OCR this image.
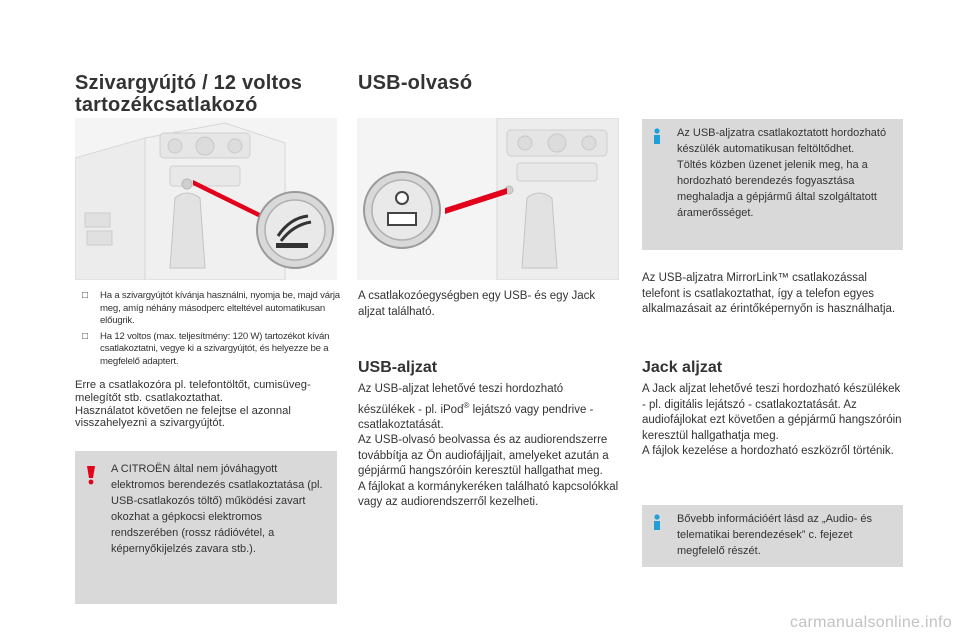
Szivargyújtó / 12 voltos
tartozékcsatlakozó
□ Ha a szivargyújtót kívánja használni, nyomja be, majd várja meg, amíg néhány másodperc elteltével automatikusan előugrik.
□ Ha 12 voltos (max. teljesítmény: 120 W) tartozékot kíván csatlakoztatni, vegye ki a szivargyújtót, és helyezze be a megfelelő adaptert.
Erre a csatlakozóra pl. telefontöltőt, cumisüveg-melegítőt stb. csatlakoztathat.
Használatot követően ne felejtse el azonnal visszahelyezni a szivargyújtót.
A CITROËN által nem jóváhagyott elektromos berendezés csatlakoztatása (pl. USB-csatlakozós töltő) működési zavart okozhat a gépkocsi elektromos rendszerében (rossz rádióvétel, a képernyőkijelzés zavara stb.).
USB-olvasó
A csatlakozóegységben egy USB- és egy Jack aljzat található.
USB-aljzat
Az USB-aljzat lehetővé teszi hordozható készülékek - pl. iPod® lejátszó vagy pendrive - csatlakoztatását.
Az USB-olvasó beolvassa és az audiorendszerre továbbítja az Ön audiofájljait, amelyeket azután a gépjármű hangszóróin keresztül hallgathat meg.
A fájlokat a kormánykeréken található kapcsolókkal vagy az audiorendszerről kezelheti.
Az USB-aljzatra csatlakoztatott hordozható készülék automatikusan feltöltődhet.
Töltés közben üzenet jelenik meg, ha a hordozható berendezés fogyasztása meghaladja a gépjármű által szolgáltatott áramerősséget.
Az USB-aljzatra MirrorLink™ csatlakozással telefont is csatlakoztathat, így a telefon egyes alkalmazásait az érintőképernyőn is használhatja.
Jack aljzat
A Jack aljzat lehetővé teszi hordozható készülékek - pl. digitális lejátszó - csatlakoztatását. Az audiofájlokat ezt követően a gépjármű hangszóróin keresztül hallgathatja meg.
A fájlok kezelése a hordozható eszközről történik.
Bővebb információért lásd az „Audio- és telematikai berendezések” c. fejezet megfelelő részét.
carmanualsonline.info
